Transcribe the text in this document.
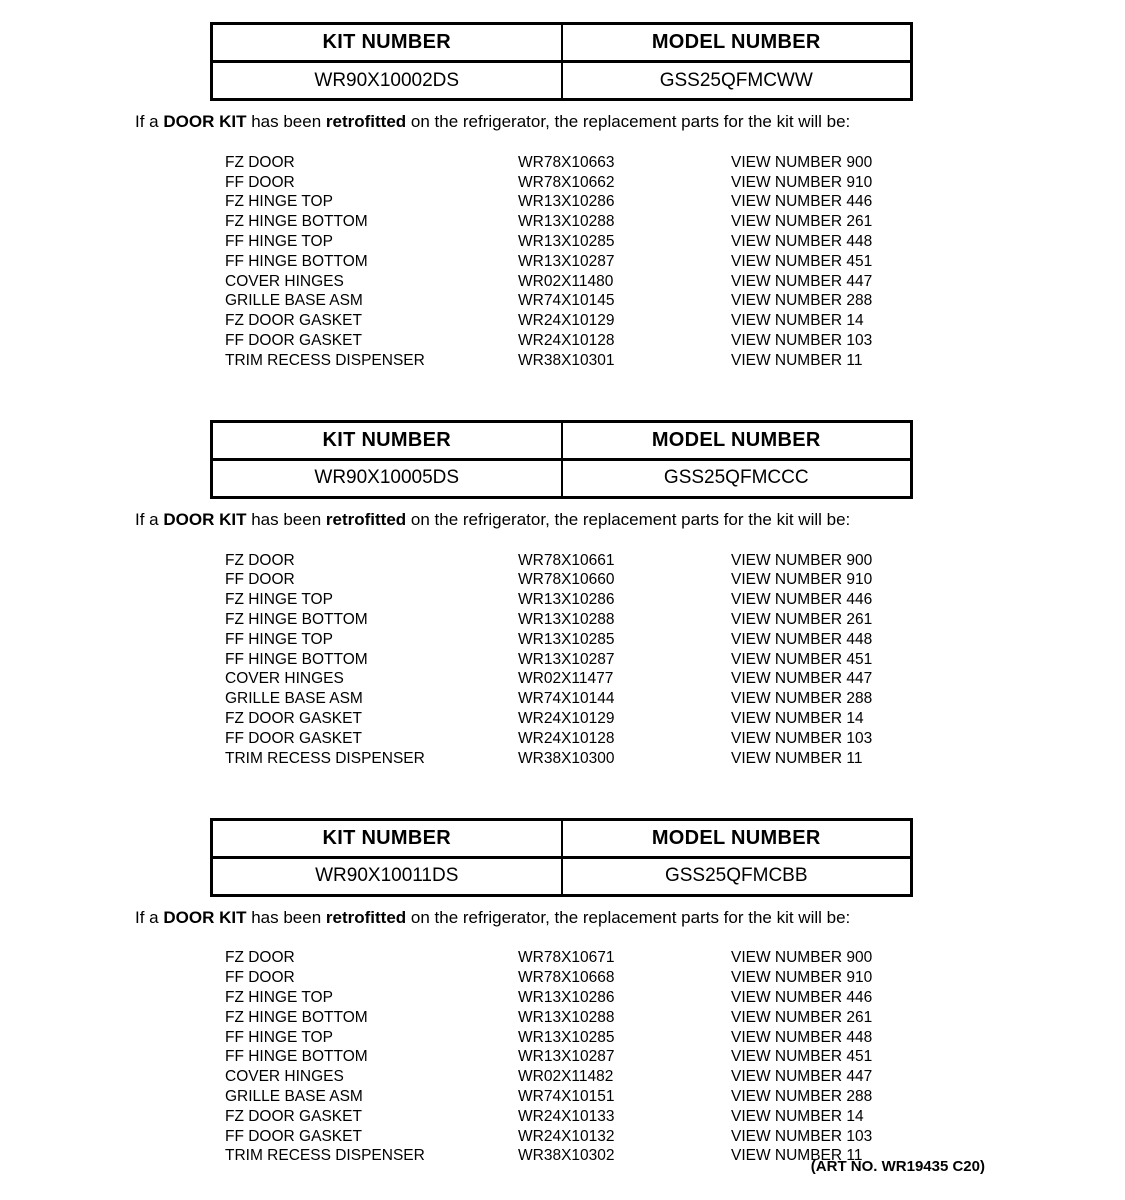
KIT NUMBER	MODEL NUMBER
WR90X10002DS	GSS25QFMCWW

If a DOOR KIT has been retrofitted on the refrigerator, the replacement parts for the kit will be:

FZ DOOR	WR78X10663	VIEW NUMBER 900
FF DOOR	WR78X10662	VIEW NUMBER 910
FZ HINGE TOP	WR13X10286	VIEW NUMBER 446
FZ HINGE BOTTOM	WR13X10288	VIEW NUMBER 261
FF HINGE TOP	WR13X10285	VIEW NUMBER 448
FF HINGE BOTTOM	WR13X10287	VIEW NUMBER 451
COVER HINGES	WR02X11480	VIEW NUMBER 447
GRILLE BASE ASM	WR74X10145	VIEW NUMBER 288
FZ DOOR GASKET	WR24X10129	VIEW NUMBER 14
FF DOOR GASKET	WR24X10128	VIEW NUMBER 103
TRIM RECESS DISPENSER	WR38X10301	VIEW NUMBER 11
KIT NUMBER	MODEL NUMBER
WR90X10005DS	GSS25QFMCCC

If a DOOR KIT has been retrofitted on the refrigerator, the replacement parts for the kit will be:

FZ DOOR	WR78X10661	VIEW NUMBER 900
FF DOOR	WR78X10660	VIEW NUMBER 910
FZ HINGE TOP	WR13X10286	VIEW NUMBER 446
FZ HINGE BOTTOM	WR13X10288	VIEW NUMBER 261
FF HINGE TOP	WR13X10285	VIEW NUMBER 448
FF HINGE BOTTOM	WR13X10287	VIEW NUMBER 451
COVER HINGES	WR02X11477	VIEW NUMBER 447
GRILLE BASE ASM	WR74X10144	VIEW NUMBER 288
FZ DOOR GASKET	WR24X10129	VIEW NUMBER 14
FF DOOR GASKET	WR24X10128	VIEW NUMBER 103
TRIM RECESS DISPENSER	WR38X10300	VIEW NUMBER 11
KIT NUMBER	MODEL NUMBER
WR90X10011DS	GSS25QFMCBB

If a DOOR KIT has been retrofitted on the refrigerator, the replacement parts for the kit will be:

FZ DOOR	WR78X10671	VIEW NUMBER 900
FF DOOR	WR78X10668	VIEW NUMBER 910
FZ HINGE TOP	WR13X10286	VIEW NUMBER 446
FZ HINGE BOTTOM	WR13X10288	VIEW NUMBER 261
FF HINGE TOP	WR13X10285	VIEW NUMBER 448
FF HINGE BOTTOM	WR13X10287	VIEW NUMBER 451
COVER HINGES	WR02X11482	VIEW NUMBER 447
GRILLE BASE ASM	WR74X10151	VIEW NUMBER 288
FZ DOOR GASKET	WR24X10133	VIEW NUMBER 14
FF DOOR GASKET	WR24X10132	VIEW NUMBER 103
TRIM RECESS DISPENSER	WR38X10302	VIEW NUMBER 11
(ART NO. WR19435 C20)
